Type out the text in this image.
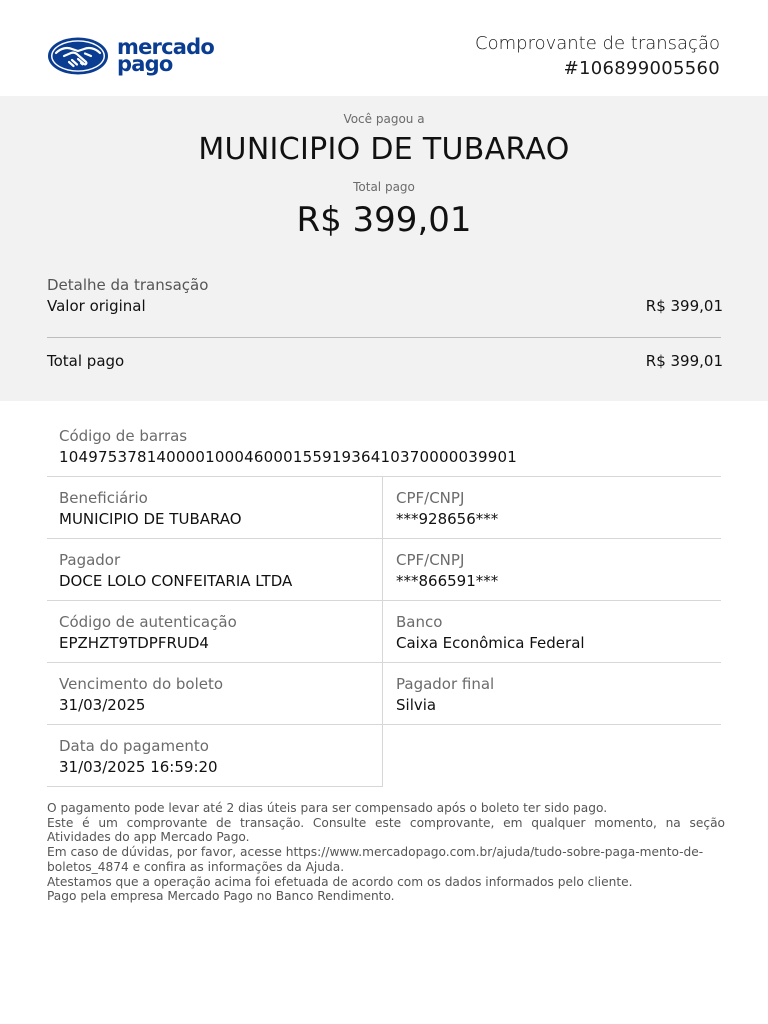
mercado
pago
Comprovante de transação
#106899005560
Você pagou a
MUNICIPIO DE TUBARAO
Total pago
R$ 399,01
Detalhe da transação
Valor original	R$ 399,01
Total pago	R$ 399,01
Código de barras
10497537814000010004600015591936410370000039901
Beneficiário
MUNICIPIO DE TUBARAO
CPF/CNPJ
***928656***
Pagador
DOCE LOLO CONFEITARIA LTDA
CPF/CNPJ
***866591***
Código de autenticação
EPZHZT9TDPFRUD4
Banco
Caixa Econômica Federal
Vencimento do boleto
31/03/2025
Pagador final
Silvia
Data do pagamento
31/03/2025 16:59:20

O pagamento pode levar até 2 dias úteis para ser compensado após o boleto ter sido pago.

Este é um comprovante de transação. Consulte este comprovante, em qualquer momento, na seção Atividades do app Mercado Pago.

Em caso de dúvidas, por favor, acesse https://www.mercadopago.com.br/ajuda/tudo-sobre-paga-mento-de-boletos_4874 e confira as informações da Ajuda.

Atestamos que a operação acima foi efetuada de acordo com os dados informados pelo cliente.

Pago pela empresa Mercado Pago no Banco Rendimento.
